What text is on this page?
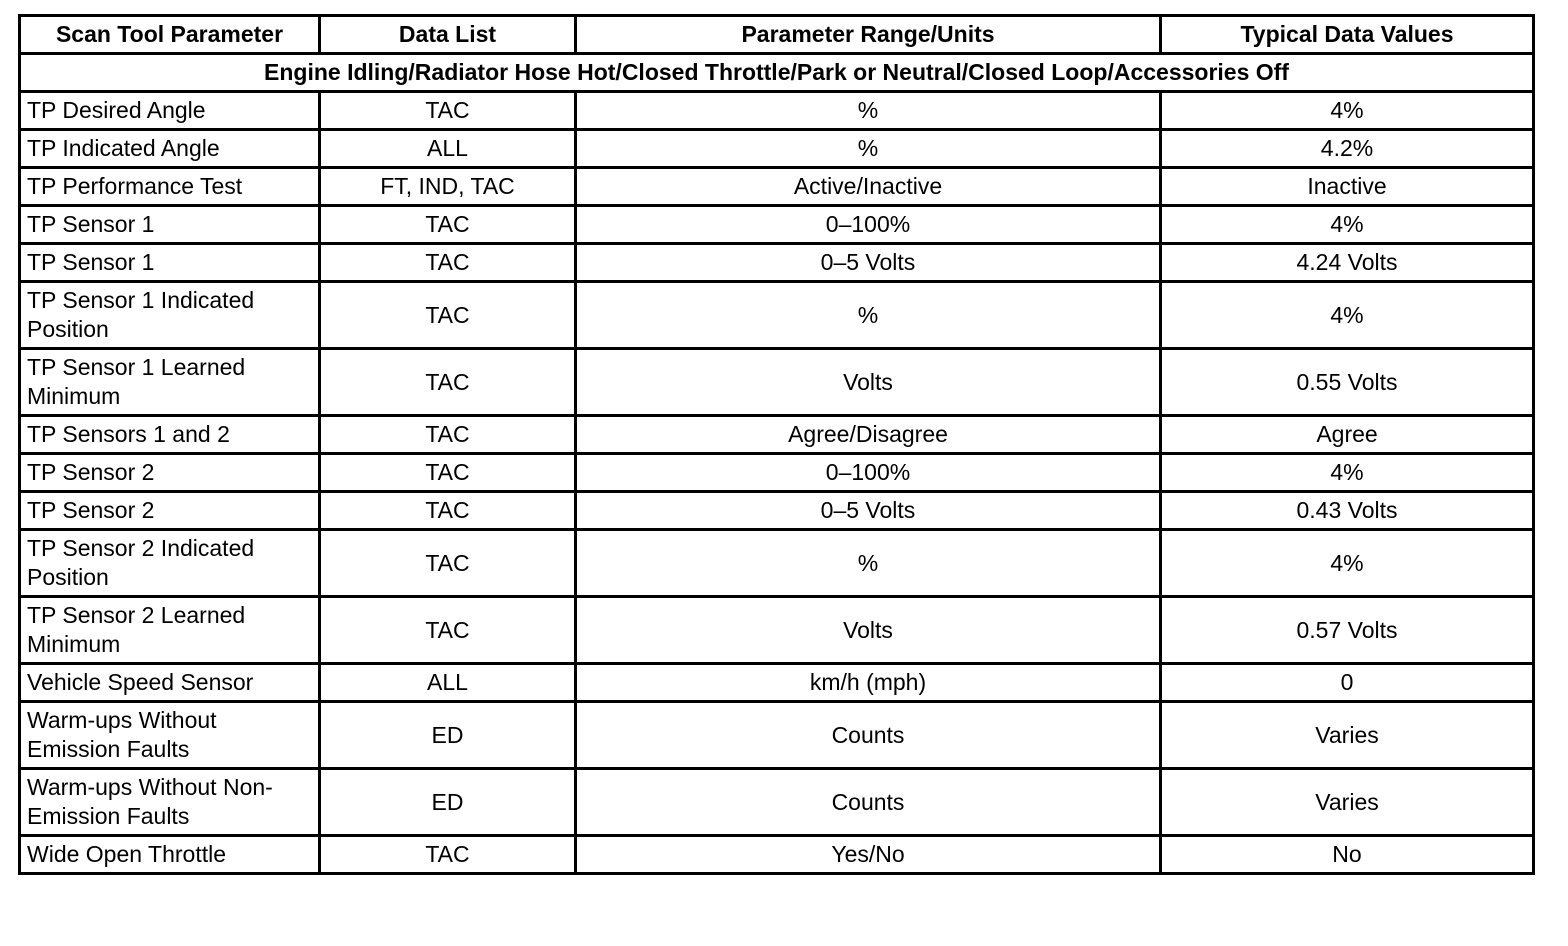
Scan Tool Parameter	Data List	Parameter Range/Units	Typical Data Values
Engine Idling/Radiator Hose Hot/Closed Throttle/Park or Neutral/Closed Loop/Accessories Off			
TP Desired Angle	TAC	%	4%
TP Indicated Angle	ALL	%	4.2%
TP Performance Test	FT, IND, TAC	Active/Inactive	Inactive
TP Sensor 1	TAC	0–100%	4%
TP Sensor 1	TAC	0–5 Volts	4.24 Volts
TP Sensor 1 Indicated Position	TAC	%	4%
TP Sensor 1 Learned Minimum	TAC	Volts	0.55 Volts
TP Sensors 1 and 2	TAC	Agree/Disagree	Agree
TP Sensor 2	TAC	0–100%	4%
TP Sensor 2	TAC	0–5 Volts	0.43 Volts
TP Sensor 2 Indicated Position	TAC	%	4%
TP Sensor 2 Learned Minimum	TAC	Volts	0.57 Volts
Vehicle Speed Sensor	ALL	km/h (mph)	0
Warm-ups Without Emission Faults	ED	Counts	Varies
Warm-ups Without Non-Emission Faults	ED	Counts	Varies
Wide Open Throttle	TAC	Yes/No	No
